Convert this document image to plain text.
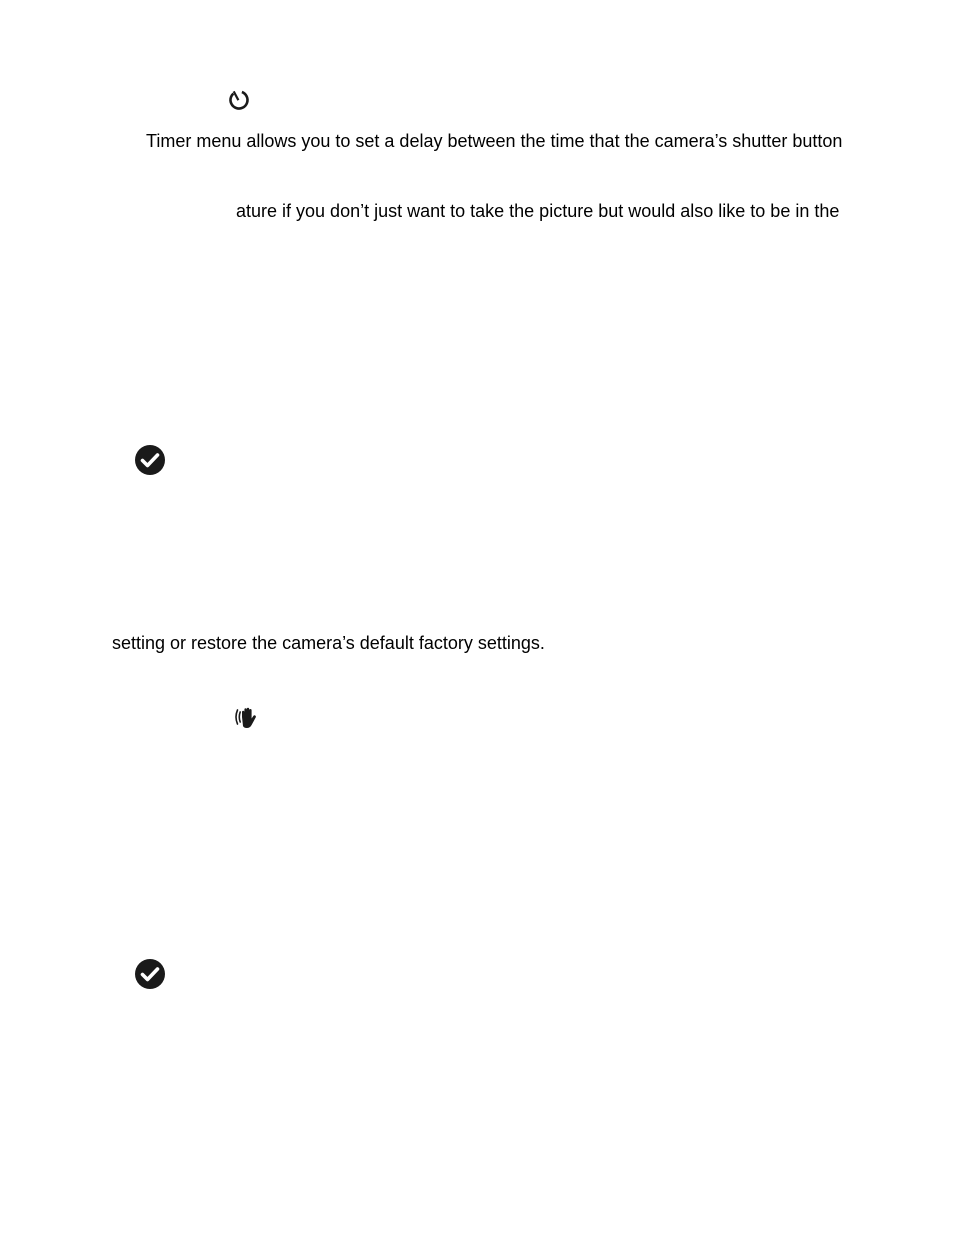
Timer menu allows you to set a delay between the time that the camera’s shutter button
ature if you don’t just want to take the picture but would also like to be in the
setting or restore the camera’s default factory settings.
